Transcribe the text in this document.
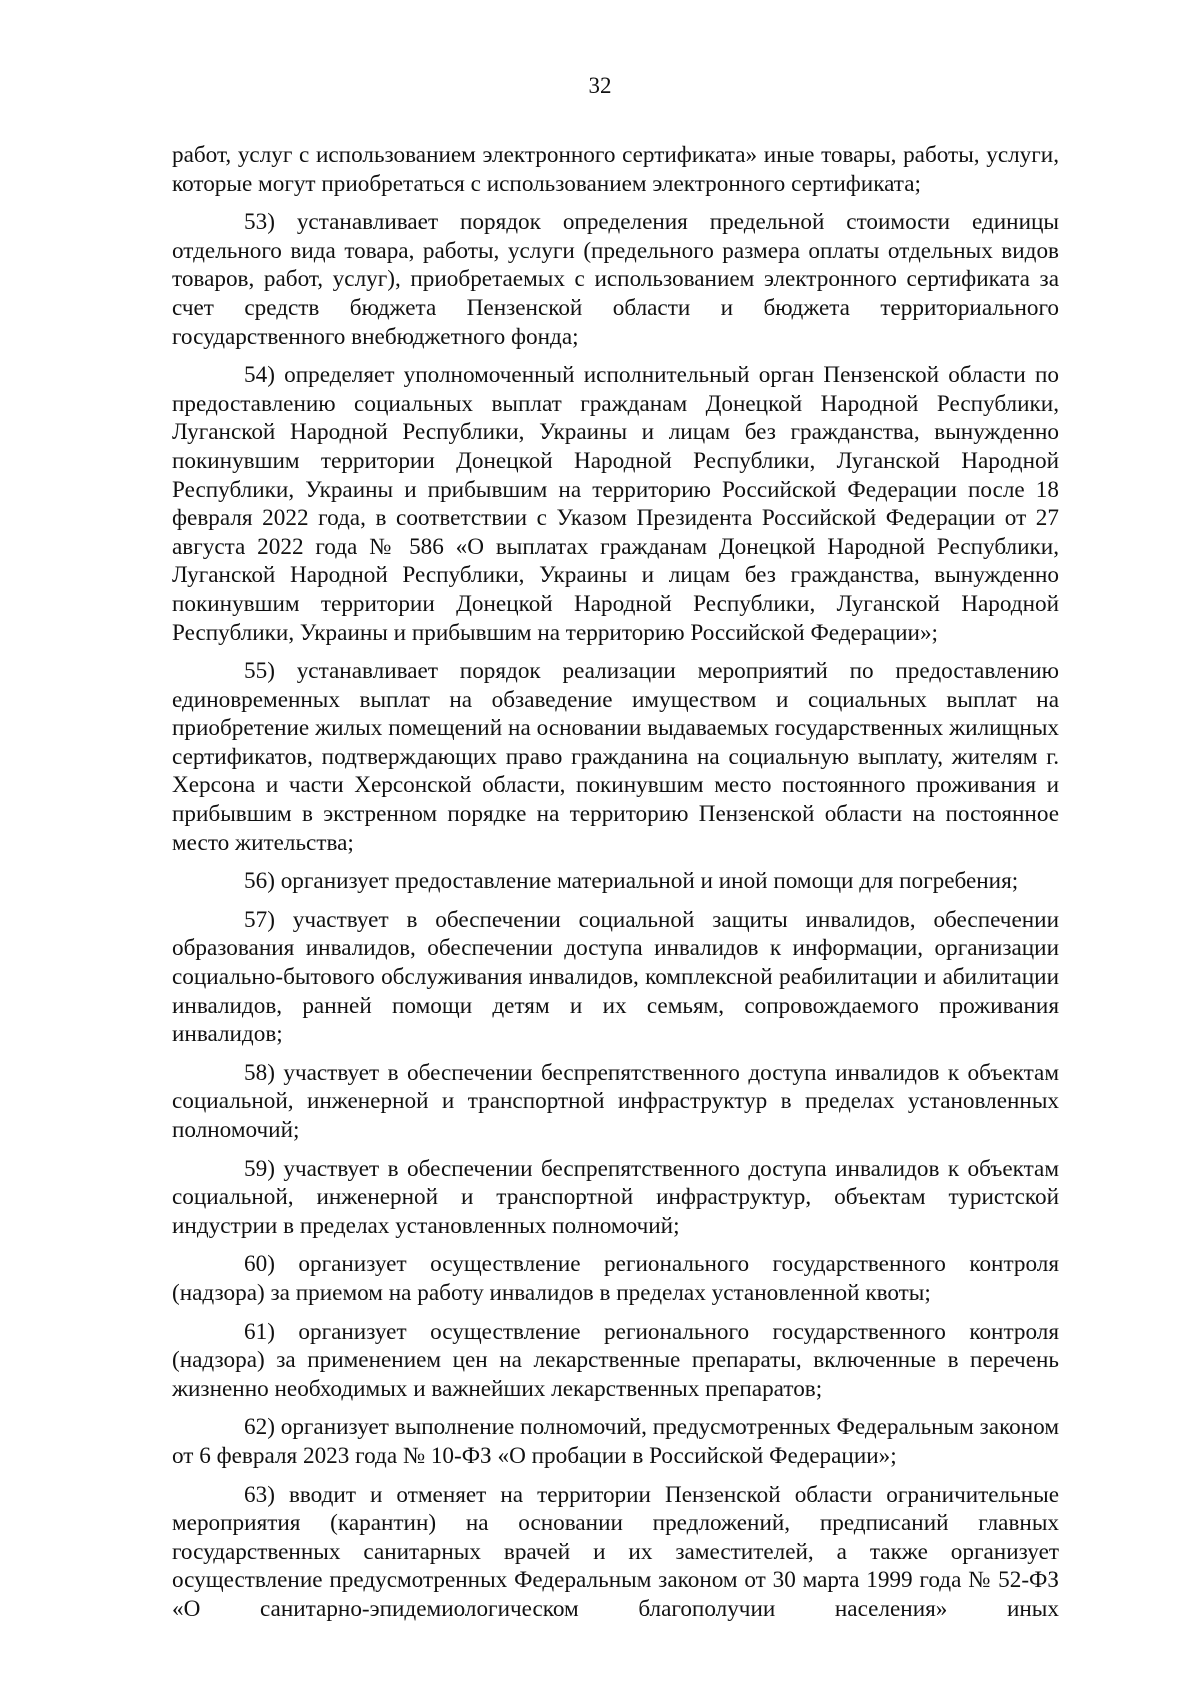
32

работ, услуг с использованием электронного сертификата» иные товары, работы, услуги, которые могут приобретаться с использованием электронного сертификата;

53) устанавливает порядок определения предельной стоимости единицы отдельного вида товара, работы, услуги (предельного размера оплаты отдельных видов товаров, работ, услуг), приобретаемых с использованием электронного сертификата за счет средств бюджета Пензенской области и бюджета территориального государственного внебюджетного фонда;

54) определяет уполномоченный исполнительный орган Пензенской области по предоставлению социальных выплат гражданам Донецкой Народной Республики, Луганской Народной Республики, Украины и лицам без гражданства, вынужденно покинувшим территории Донецкой Народной Республики, Луганской Народной Республики, Украины и прибывшим на территорию Российской Федерации после 18 февраля 2022 года, в соответствии с Указом Президента Российской Федерации от 27 августа 2022 года № 586 «О выплатах гражданам Донецкой Народной Республики, Луганской Народной Республики, Украины и лицам без гражданства, вынужденно покинувшим территории Донецкой Народной Республики, Луганской Народной Республики, Украины и прибывшим на территорию Российской Федерации»;

55) устанавливает порядок реализации мероприятий по предоставлению единовременных выплат на обзаведение имуществом и социальных выплат на приобретение жилых помещений на основании выдаваемых государственных жилищных сертификатов, подтверждающих право гражданина на социальную выплату, жителям г. Херсона и части Херсонской области, покинувшим место постоянного проживания и прибывшим в экстренном порядке на территорию Пензенской области на постоянное место жительства;

56) организует предоставление материальной и иной помощи для погребения;

57) участвует в обеспечении социальной защиты инвалидов, обеспечении образования инвалидов, обеспечении доступа инвалидов к информации, организации социально-бытового обслуживания инвалидов, комплексной реабилитации и абилитации инвалидов, ранней помощи детям и их семьям, сопровождаемого проживания инвалидов;

58) участвует в обеспечении беспрепятственного доступа инвалидов к объектам социальной, инженерной и транспортной инфраструктур в пределах установленных полномочий;

59) участвует в обеспечении беспрепятственного доступа инвалидов к объектам социальной, инженерной и транспортной инфраструктур, объектам туристской индустрии в пределах установленных полномочий;

60) организует осуществление регионального государственного контроля (надзора) за приемом на работу инвалидов в пределах установленной квоты;

61) организует осуществление регионального государственного контроля (надзора) за применением цен на лекарственные препараты, включенные в перечень жизненно необходимых и важнейших лекарственных препаратов;

62) организует выполнение полномочий, предусмотренных Федеральным законом от 6 февраля 2023 года № 10-ФЗ «О пробации в Российской Федерации»;

63) вводит и отменяет на территории Пензенской области ограничительные мероприятия (карантин) на основании предложений, предписаний главных государственных санитарных врачей и их заместителей, а также организует осуществление предусмотренных Федеральным законом от 30 марта 1999 года № 52-ФЗ «О санитарно-эпидемиологическом благополучии населения» иных
